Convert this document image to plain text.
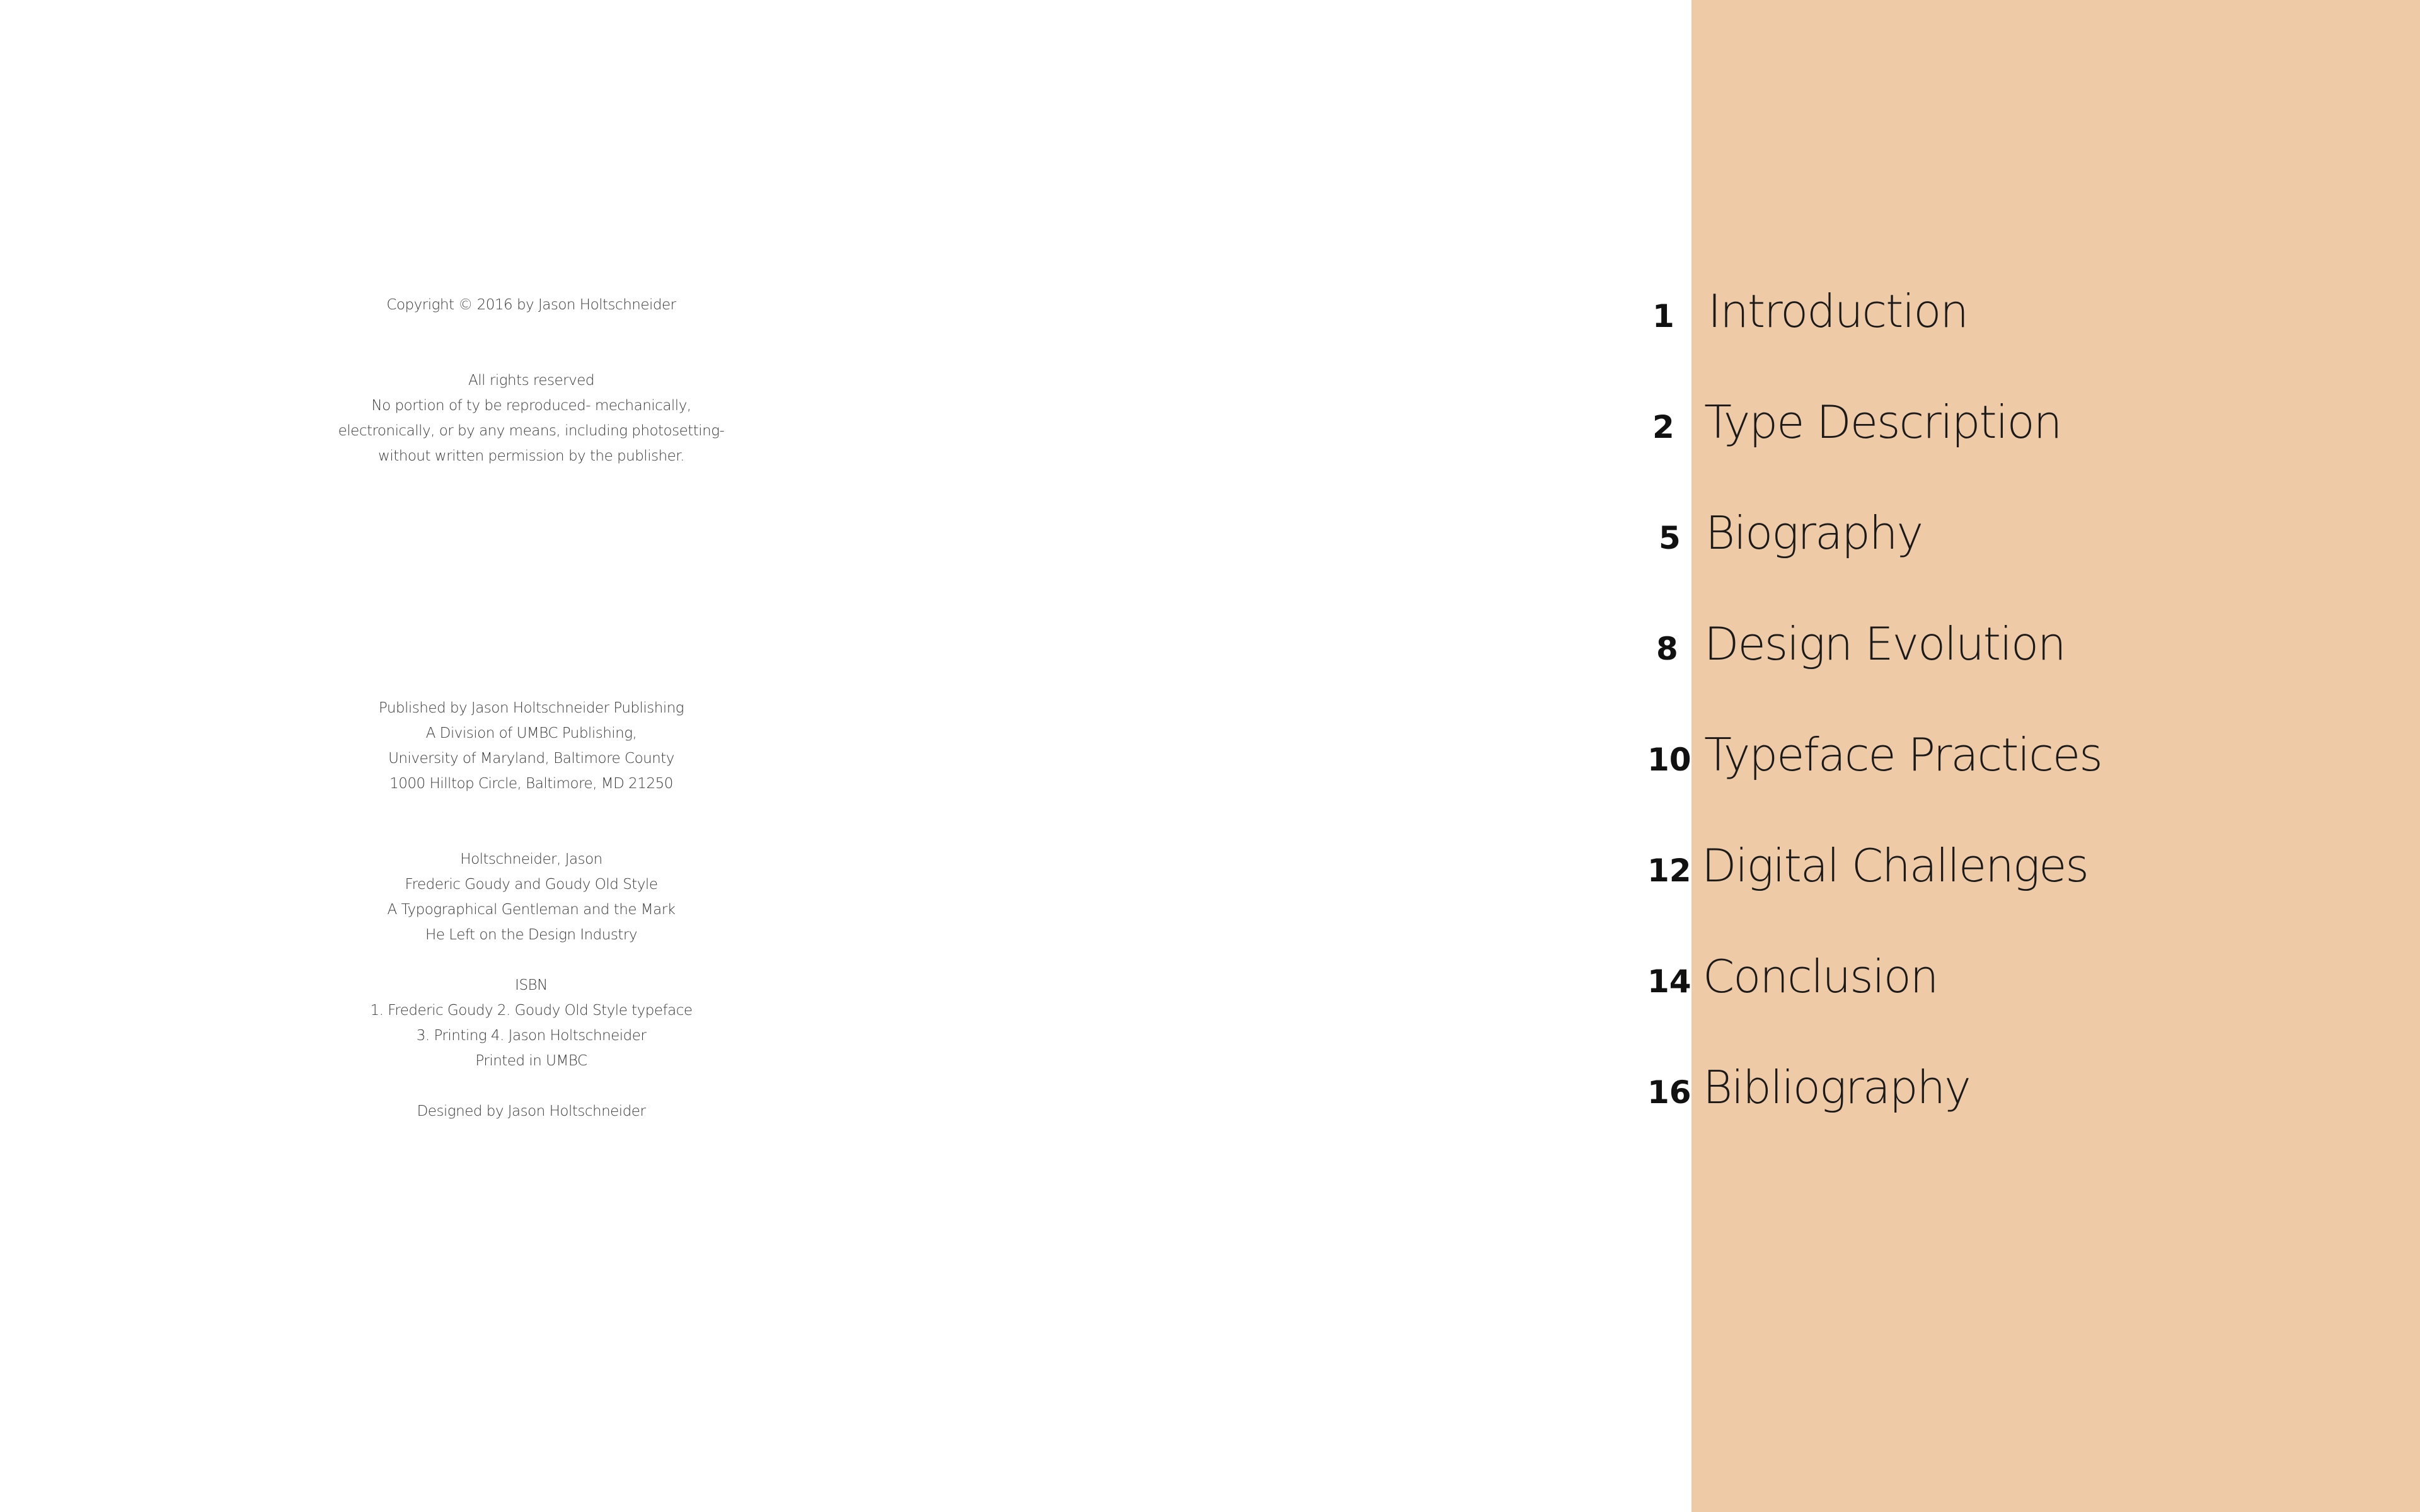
Copyright © 2016 by Jason Holtschneider
All rights reserved
No portion of ty be reproduced- mechanically,
electronically, or by any means, including photosetting-
without written permission by the publisher.
Published by Jason Holtschneider Publishing
A Division of UMBC Publishing,
University of Maryland, Baltimore County
1000 Hilltop Circle, Baltimore, MD 21250
Holtschneider, Jason
Frederic Goudy and Goudy Old Style
A Typographical Gentleman and the Mark
He Left on the Design Industry
ISBN
1. Frederic Goudy 2. Goudy Old Style typeface
3. Printing 4. Jason Holtschneider
Printed in UMBC
Designed by Jason Holtschneider
1 Introduction
2 Type Description
5 Biography
8 Design Evolution
10 Typeface Practices
12 Digital Challenges
14 Conclusion
16 Bibliography
